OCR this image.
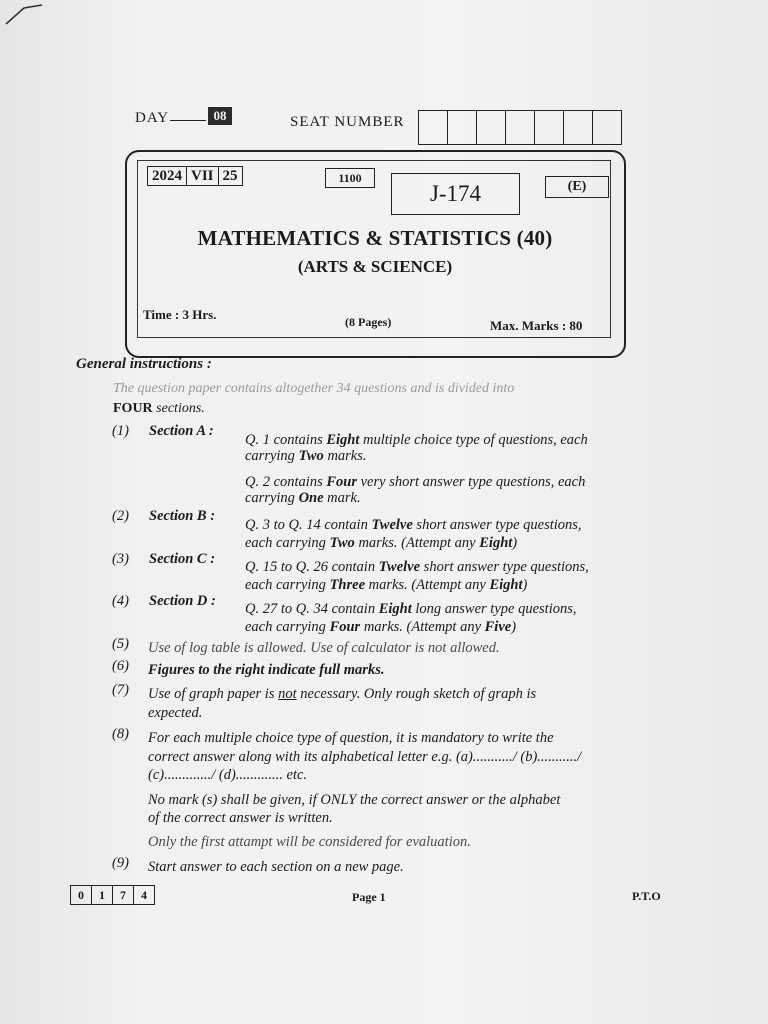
DAY	08	SEAT NUMBER
2024 VII 25	1100
J-174	(E)
MATHEMATICS & STATISTICS (40)
(ARTS & SCIENCE)
Time : 3 Hrs.	(8 Pages)	Max. Marks : 80
General instructions :
The question paper contains altogether 34 questions and is divided into
FOUR sections.
(1)	Section A :
Q. 1 contains Eight multiple choice type of questions, each
carrying Two marks.
Q. 2 contains Four very short answer type questions, each
carrying One mark.
(2)	Section B :
Q. 3 to Q. 14 contain Twelve short answer type questions,
each carrying Two marks. (Attempt any Eight)
(3)	Section C : Q. 15 to Q. 26 contain Twelve short answer type questions,
each carrying Three marks. (Attempt any Eight)
(4)	Section D : Q. 27 to Q. 34 contain Eight long answer type questions,
each carrying Four marks. (Attempt any Five)
(5)	Use of log table is allowed. Use of calculator is not allowed.
(6)	Figures to the right indicate full marks.
(7)	Use of graph paper is not necessary. Only rough sketch of graph is
expected.
(8)	For each multiple choice type of question, it is mandatory to write the
correct answer along with its alphabetical letter e.g. (a).........../ (b).........../
(c)............./ (d)............. etc.
No mark (s) shall be given, if ONLY the correct answer or the alphabet
of the correct answer is written.
Only the first attampt will be considered for evaluation.
(9)	Start answer to each section on a new page.
0	1	7	4	Page 1	P.T.O
